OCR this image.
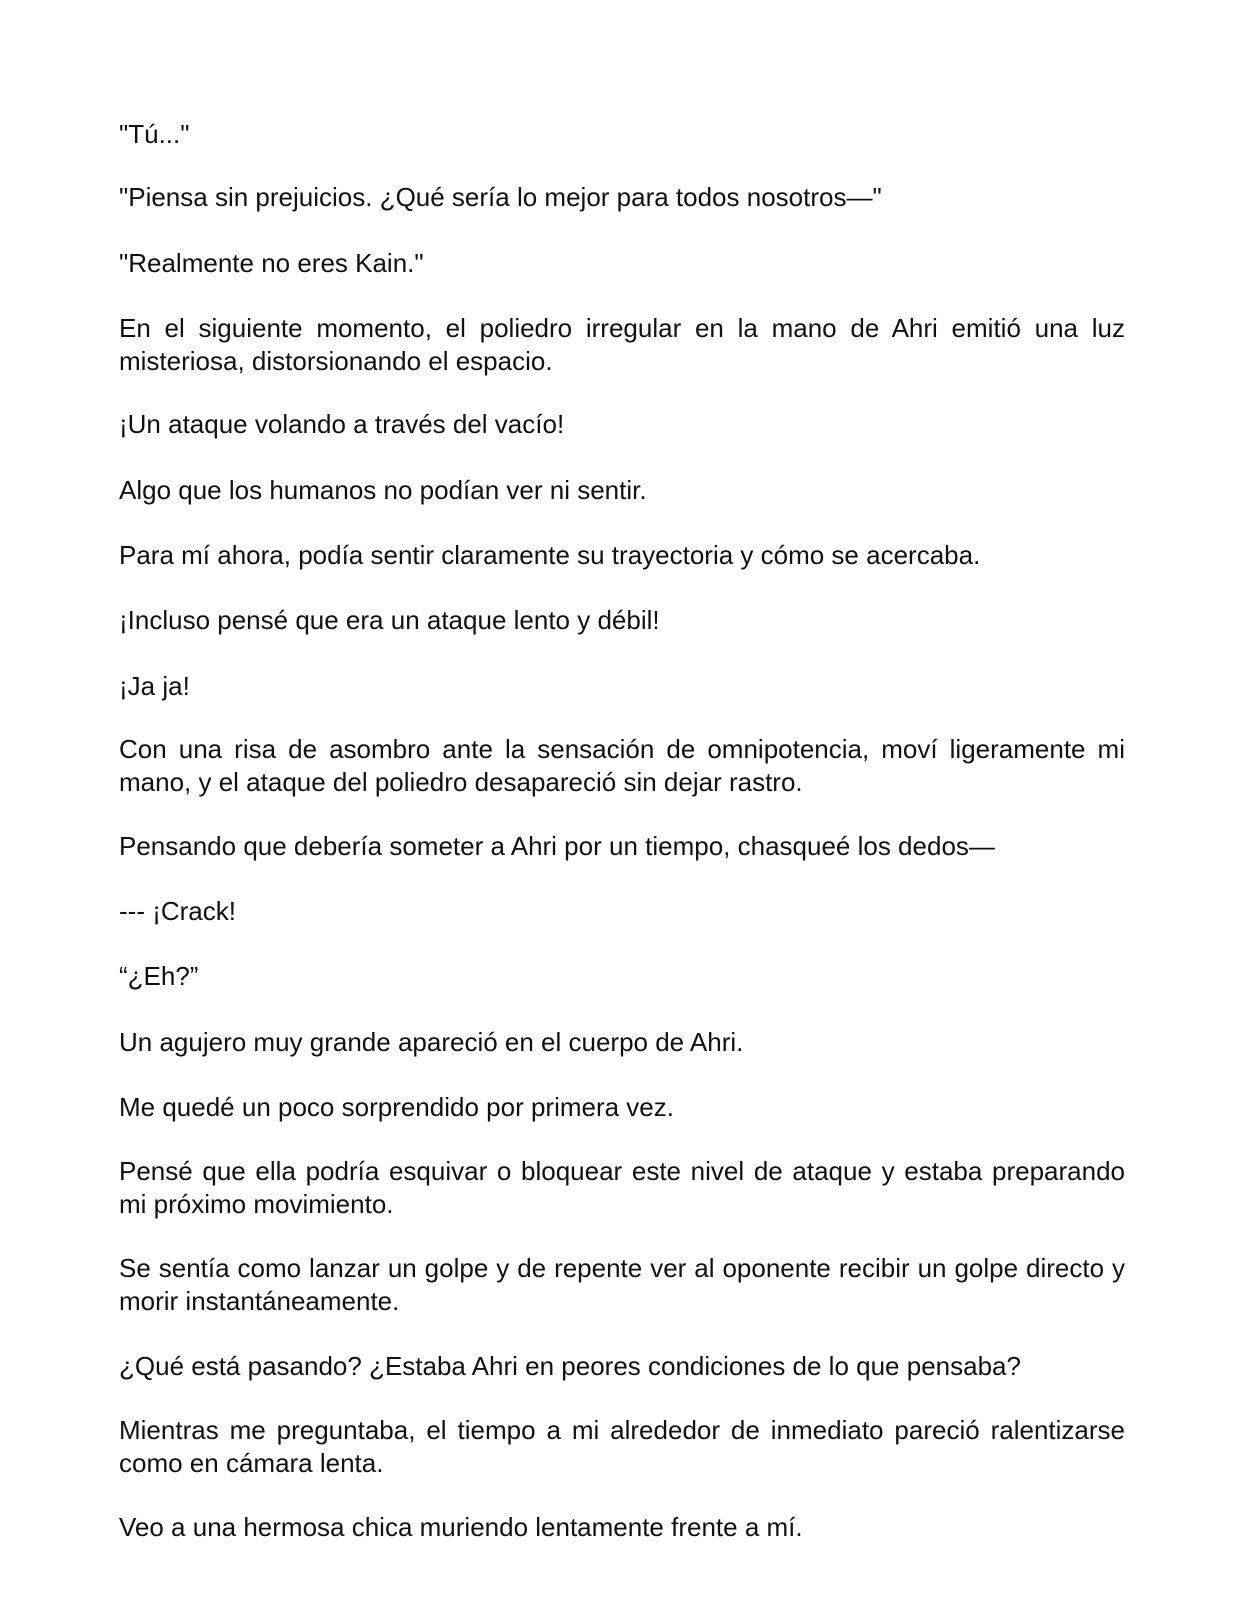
"Tú..."

"Piensa sin prejuicios. ¿Qué sería lo mejor para todos nosotros—"

"Realmente no eres Kain."

En el siguiente momento, el poliedro irregular en la mano de Ahri emitió una luz misteriosa, distorsionando el espacio.

¡Un ataque volando a través del vacío!

Algo que los humanos no podían ver ni sentir.

Para mí ahora, podía sentir claramente su trayectoria y cómo se acercaba.

¡Incluso pensé que era un ataque lento y débil!

¡Ja ja!

Con una risa de asombro ante la sensación de omnipotencia, moví ligeramente mi mano, y el ataque del poliedro desapareció sin dejar rastro.

Pensando que debería someter a Ahri por un tiempo, chasqueé los dedos—

--- ¡Crack!

“¿Eh?”

Un agujero muy grande apareció en el cuerpo de Ahri.

Me quedé un poco sorprendido por primera vez.

Pensé que ella podría esquivar o bloquear este nivel de ataque y estaba preparando mi próximo movimiento.

Se sentía como lanzar un golpe y de repente ver al oponente recibir un golpe directo y morir instantáneamente.

¿Qué está pasando? ¿Estaba Ahri en peores condiciones de lo que pensaba?

Mientras me preguntaba, el tiempo a mi alrededor de inmediato pareció ralentizarse como en cámara lenta.

Veo a una hermosa chica muriendo lentamente frente a mí.
